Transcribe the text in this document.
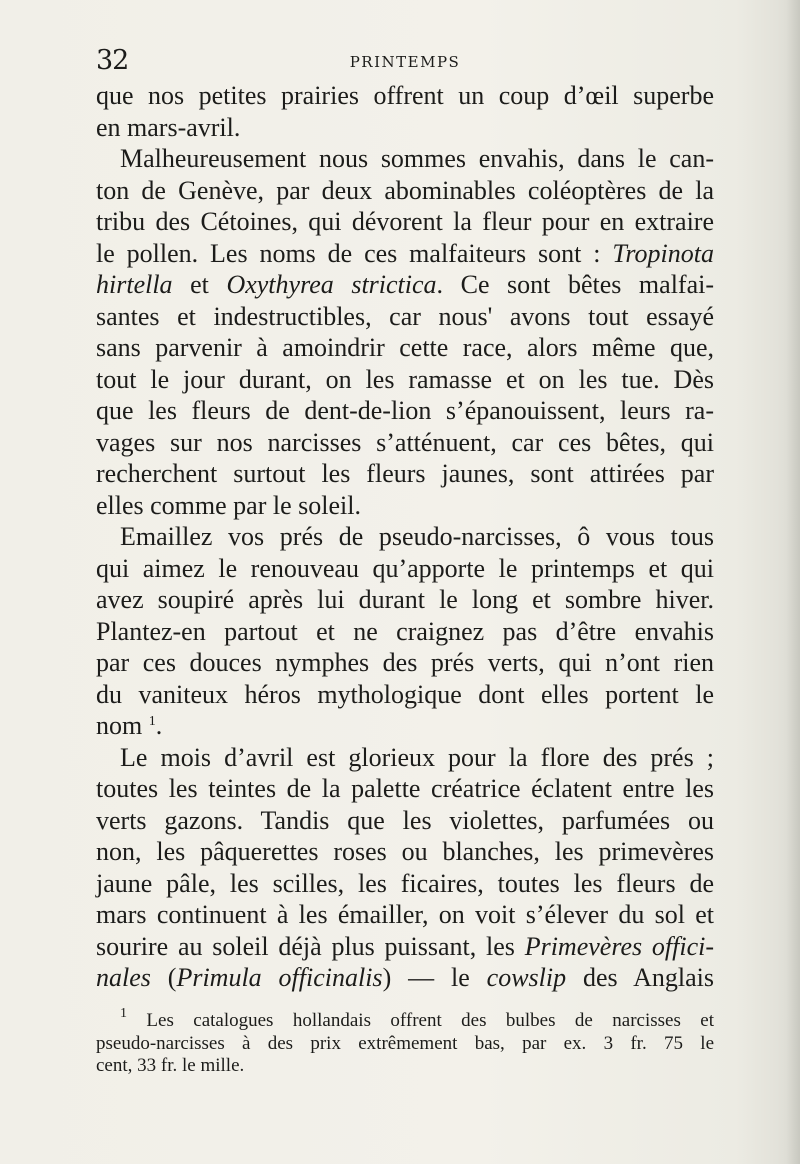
32	PRINTEMPS
que nos petites prairies offrent un coup d’œil superbe
en mars-avril.
Malheureusement nous sommes envahis, dans le can-
ton de Genève, par deux abominables coléoptères de la
tribu des Cétoines, qui dévorent la fleur pour en extraire
le pollen. Les noms de ces malfaiteurs sont : Tropinota
hirtella et Oxythyrea strictica. Ce sont bêtes malfai-
santes et indestructibles, car nous' avons tout essayé
sans parvenir à amoindrir cette race, alors même que,
tout le jour durant, on les ramasse et on les tue. Dès
que les fleurs de dent-de-lion s’épanouissent, leurs ra-
vages sur nos narcisses s’atténuent, car ces bêtes, qui
recherchent surtout les fleurs jaunes, sont attirées par
elles comme par le soleil.
Emaillez vos prés de pseudo-narcisses, ô vous tous
qui aimez le renouveau qu’apporte le printemps et qui
avez soupiré après lui durant le long et sombre hiver.
Plantez-en partout et ne craignez pas d’être envahis
par ces douces nymphes des prés verts, qui n’ont rien
du vaniteux héros mythologique dont elles portent le
nom $^1$.
Le mois d’avril est glorieux pour la flore des prés ;
toutes les teintes de la palette créatrice éclatent entre les
verts gazons. Tandis que les violettes, parfumées ou
non, les pâquerettes roses ou blanches, les primevères
jaune pâle, les scilles, les ficaires, toutes les fleurs de
mars continuent à les émailler, on voit s’élever du sol et
sourire au soleil déjà plus puissant, les Primevères offici-
nales (Primula officinalis) — le cowslip des Anglais
$^1$ Les catalogues hollandais offrent des bulbes de narcisses et
pseudo-narcisses à des prix extrêmement bas, par ex. 3 fr. 75 le
cent, 33 fr. le mille.
